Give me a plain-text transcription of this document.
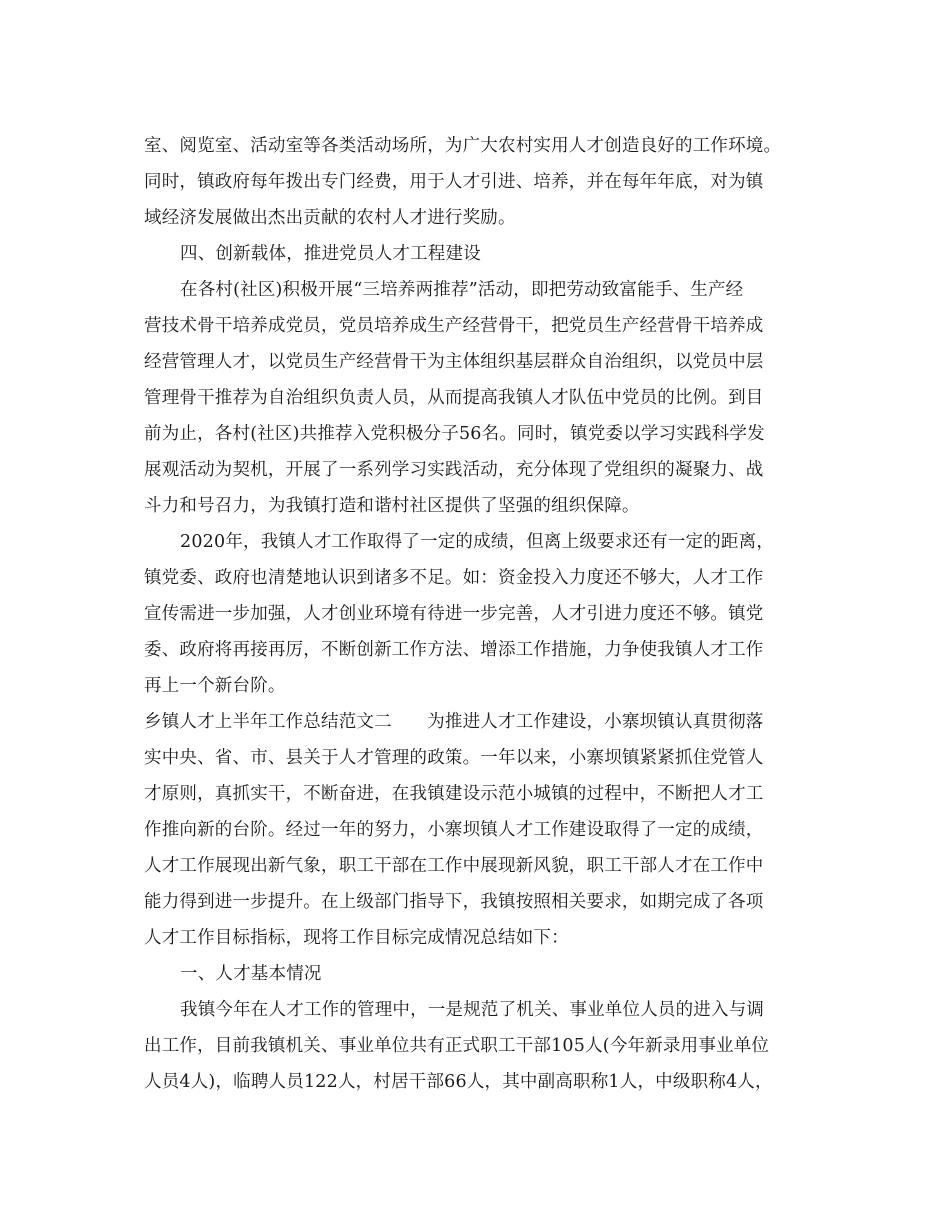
室、阅览室、活动室等各类活动场所，为广大农村实用人才创造良好的工作环境。
同时，镇政府每年拨出专门经费，用于人才引进、培养，并在每年年底，对为镇
域经济发展做出杰出贡献的农村人才进行奖励。
四、创新载体，推进党员人才工程建设
在各村(社区)积极开展“三培养两推荐”活动，即把劳动致富能手、生产经
营技术骨干培养成党员，党员培养成生产经营骨干，把党员生产经营骨干培养成
经营管理人才，以党员生产经营骨干为主体组织基层群众自治组织，以党员中层
管理骨干推荐为自治组织负责人员，从而提高我镇人才队伍中党员的比例。到目
前为止，各村(社区)共推荐入党积极分子56名。同时，镇党委以学习实践科学发
展观活动为契机，开展了一系列学习实践活动，充分体现了党组织的凝聚力、战
斗力和号召力，为我镇打造和谐村社区提供了坚强的组织保障。
2020年，我镇人才工作取得了一定的成绩，但离上级要求还有一定的距离，
镇党委、政府也清楚地认识到诸多不足。如：资金投入力度还不够大，人才工作
宣传需进一步加强，人才创业环境有待进一步完善，人才引进力度还不够。镇党
委、政府将再接再厉，不断创新工作方法、增添工作措施，力争使我镇人才工作
再上一个新台阶。
乡镇人才上半年工作总结范文二　　为推进人才工作建设，小寨坝镇认真贯彻落
实中央、省、市、县关于人才管理的政策。一年以来，小寨坝镇紧紧抓住党管人
才原则，真抓实干，不断奋进，在我镇建设示范小城镇的过程中，不断把人才工
作推向新的台阶。经过一年的努力，小寨坝镇人才工作建设取得了一定的成绩，
人才工作展现出新气象，职工干部在工作中展现新风貌，职工干部人才在工作中
能力得到进一步提升。在上级部门指导下，我镇按照相关要求，如期完成了各项
人才工作目标指标，现将工作目标完成情况总结如下：
一、人才基本情况
我镇今年在人才工作的管理中，一是规范了机关、事业单位人员的进入与调
出工作，目前我镇机关、事业单位共有正式职工干部105人(今年新录用事业单位
人员4人)，临聘人员122人，村居干部66人，其中副高职称1人，中级职称4人，
